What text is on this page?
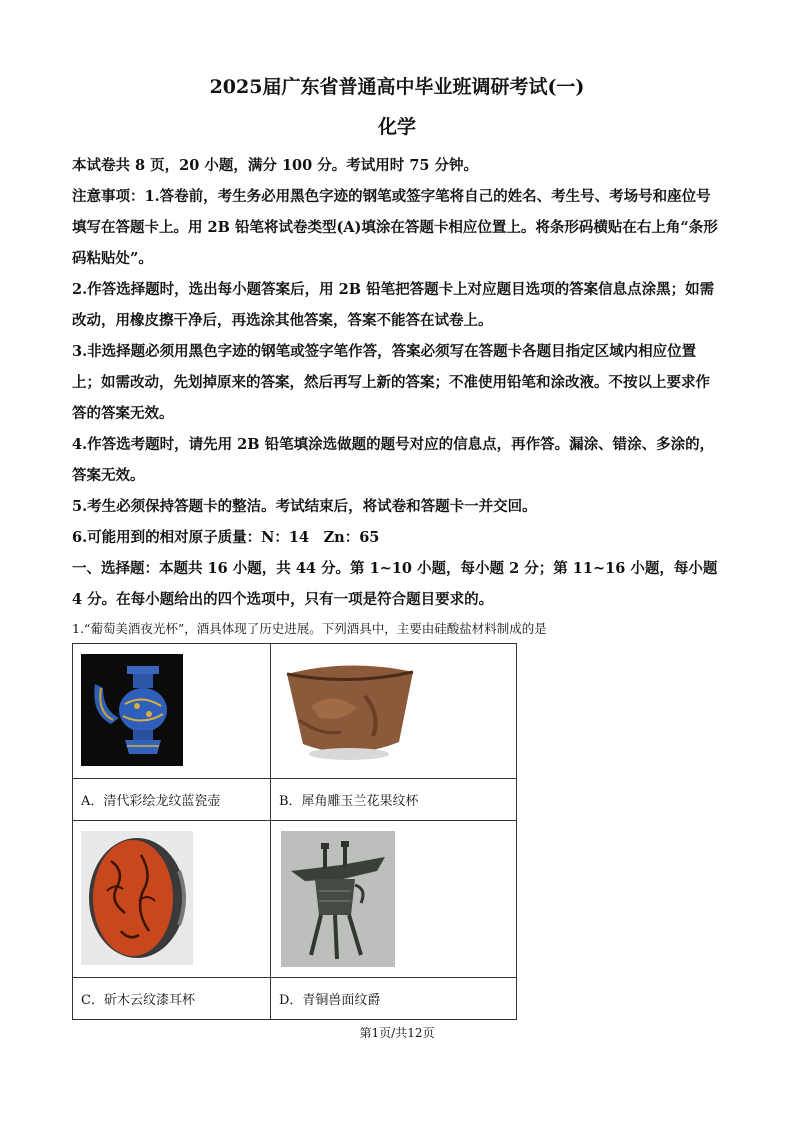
2025届广东省普通高中毕业班调研考试(一)
化学

本试卷共 8 页，20 小题，满分 100 分。考试用时 75 分钟。

注意事项：1.答卷前，考生务必用黑色字迹的钢笔或签字笔将自己的姓名、考生号、考场号和座位号填写在答题卡上。用 2B 铅笔将试卷类型(A)填涂在答题卡相应位置上。将条形码横贴在右上角“条形码粘贴处”。

2.作答选择题时，选出每小题答案后，用 2B 铅笔把答题卡上对应题目选项的答案信息点涂黑；如需改动，用橡皮擦干净后，再选涂其他答案，答案不能答在试卷上。

3.非选择题必须用黑色字迹的钢笔或签字笔作答，答案必须写在答题卡各题目指定区域内相应位置上；如需改动，先划掉原来的答案，然后再写上新的答案；不准使用铅笔和涂改液。不按以上要求作答的答案无效。

4.作答选考题时，请先用 2B 铅笔填涂选做题的题号对应的信息点，再作答。漏涂、错涂、多涂的，答案无效。

5.考生必须保持答题卡的整洁。考试结束后，将试卷和答题卡一并交回。

6.可能用到的相对原子质量：N：14　Zn：65

一、选择题：本题共 16 小题，共 44 分。第 1~10 小题，每小题 2 分；第 11~16 小题，每小题 4 分。在每小题给出的四个选项中，只有一项是符合题目要求的。

1.“葡萄美酒夜光杯”，酒具体现了历史进展。下列酒具中，主要由硅酸盐材料制成的是

A．清代彩绘龙纹蓝瓷壶	B．犀角雕玉兰花果纹杯

C．斫木云纹漆耳杯	D．青铜兽面纹爵
第1页/共12页
